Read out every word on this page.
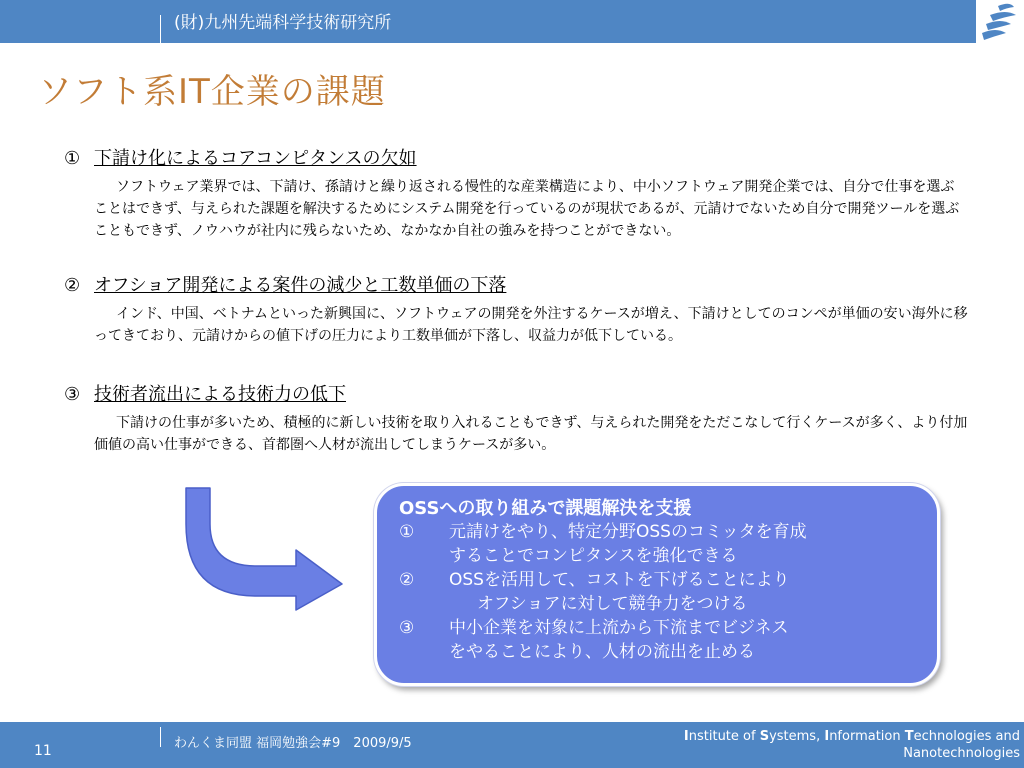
(財)九州先端科学技術研究所
ソフト系IT企業の課題
① 下請け化によるコアコンピタンスの欠如
ソフトウェア業界では、下請け、孫請けと繰り返される慢性的な産業構造により、中小ソフトウェア開発企業では、自分で仕事を選ぶことはできず、与えられた課題を解決するためにシステム開発を行っているのが現状であるが、元請けでないため自分で開発ツールを選ぶこともできず、ノウハウが社内に残らないため、なかなか自社の強みを持つことができない。
② オフショア開発による案件の減少と工数単価の下落
インド、中国、ベトナムといった新興国に、ソフトウェアの開発を外注するケースが増え、下請けとしてのコンペが単価の安い海外に移ってきており、元請けからの値下げの圧力により工数単価が下落し、収益力が低下している。
③ 技術者流出による技術力の低下
下請けの仕事が多いため、積極的に新しい技術を取り入れることもできず、与えられた開発をただこなして行くケースが多く、より付加価値の高い仕事ができる、首都圏へ人材が流出してしまうケースが多い。
OSSへの取り組みで課題解決を支援
①	元請けをやり、特定分野OSSのコミッタを育成
することでコンピタンスを強化できる
②	OSSを活用して、コストを下げることにより
オフショアに対して競争力をつける
③	中小企業を対象に上流から下流までビジネス
をやることにより、人材の流出を止める
11	わんくま同盟 福岡勉強会#9　2009/9/5	Institute of Systems, Information Technologies and
Nanotechnologies
